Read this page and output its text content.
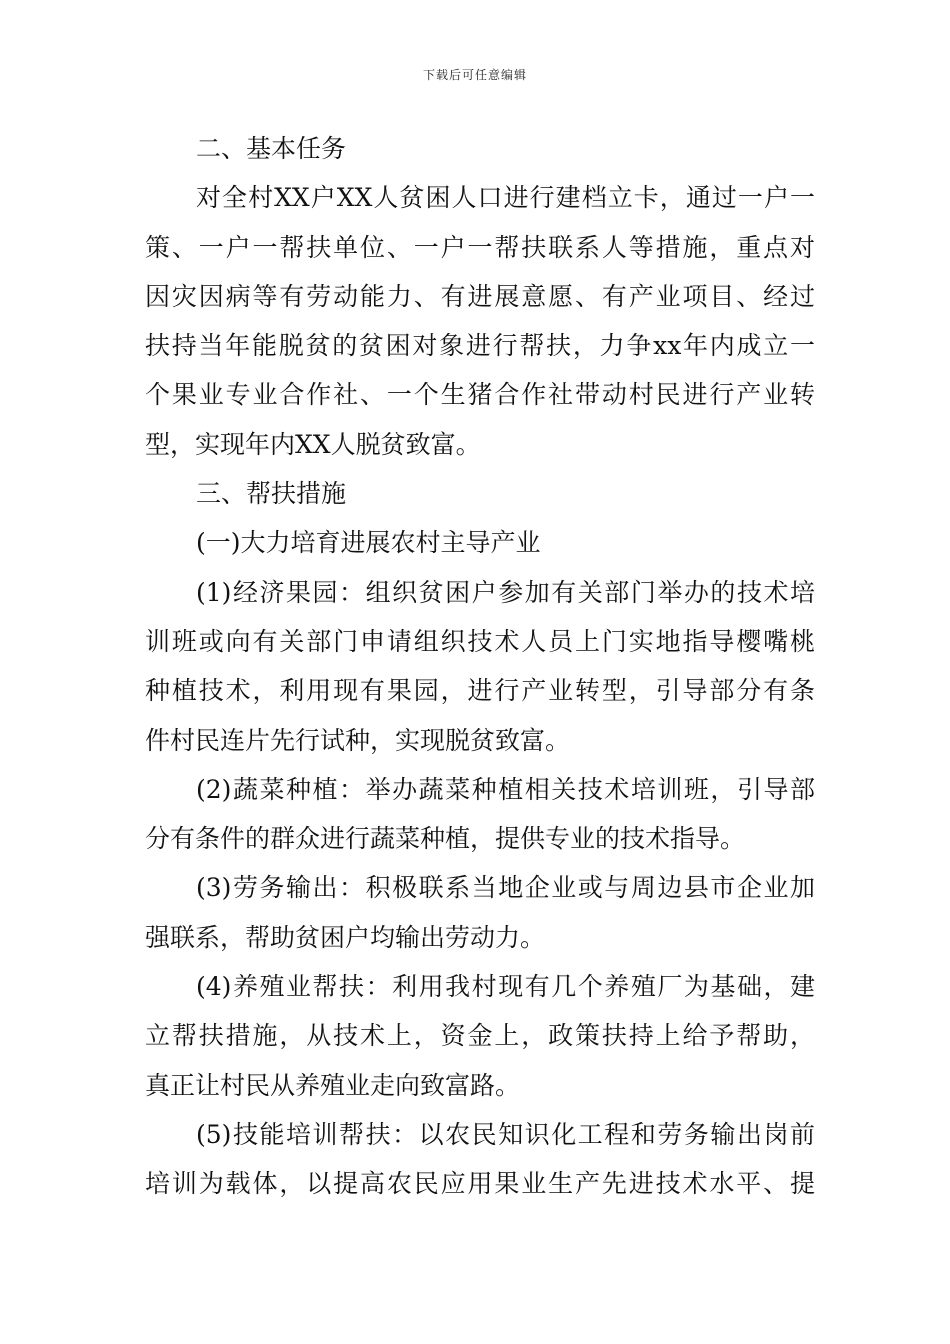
下载后可任意编辑
二、基本任务
对全村XX户XX人贫困人口进行建档立卡，通过一户一
策、一户一帮扶单位、一户一帮扶联系人等措施，重点对
因灾因病等有劳动能力、有进展意愿、有产业项目、经过
扶持当年能脱贫的贫困对象进行帮扶，力争xx年内成立一
个果业专业合作社、一个生猪合作社带动村民进行产业转
型，实现年内XX人脱贫致富。
三、帮扶措施
(一)大力培育进展农村主导产业
(1)经济果园：组织贫困户参加有关部门举办的技术培
训班或向有关部门申请组织技术人员上门实地指导樱嘴桃
种植技术，利用现有果园，进行产业转型，引导部分有条
件村民连片先行试种，实现脱贫致富。
(2)蔬菜种植：举办蔬菜种植相关技术培训班，引导部
分有条件的群众进行蔬菜种植，提供专业的技术指导。
(3)劳务输出：积极联系当地企业或与周边县市企业加
强联系，帮助贫困户均输出劳动力。
(4)养殖业帮扶：利用我村现有几个养殖厂为基础，建
立帮扶措施，从技术上，资金上，政策扶持上给予帮助，
真正让村民从养殖业走向致富路。
(5)技能培训帮扶：以农民知识化工程和劳务输出岗前
培训为载体，以提高农民应用果业生产先进技术水平、提
